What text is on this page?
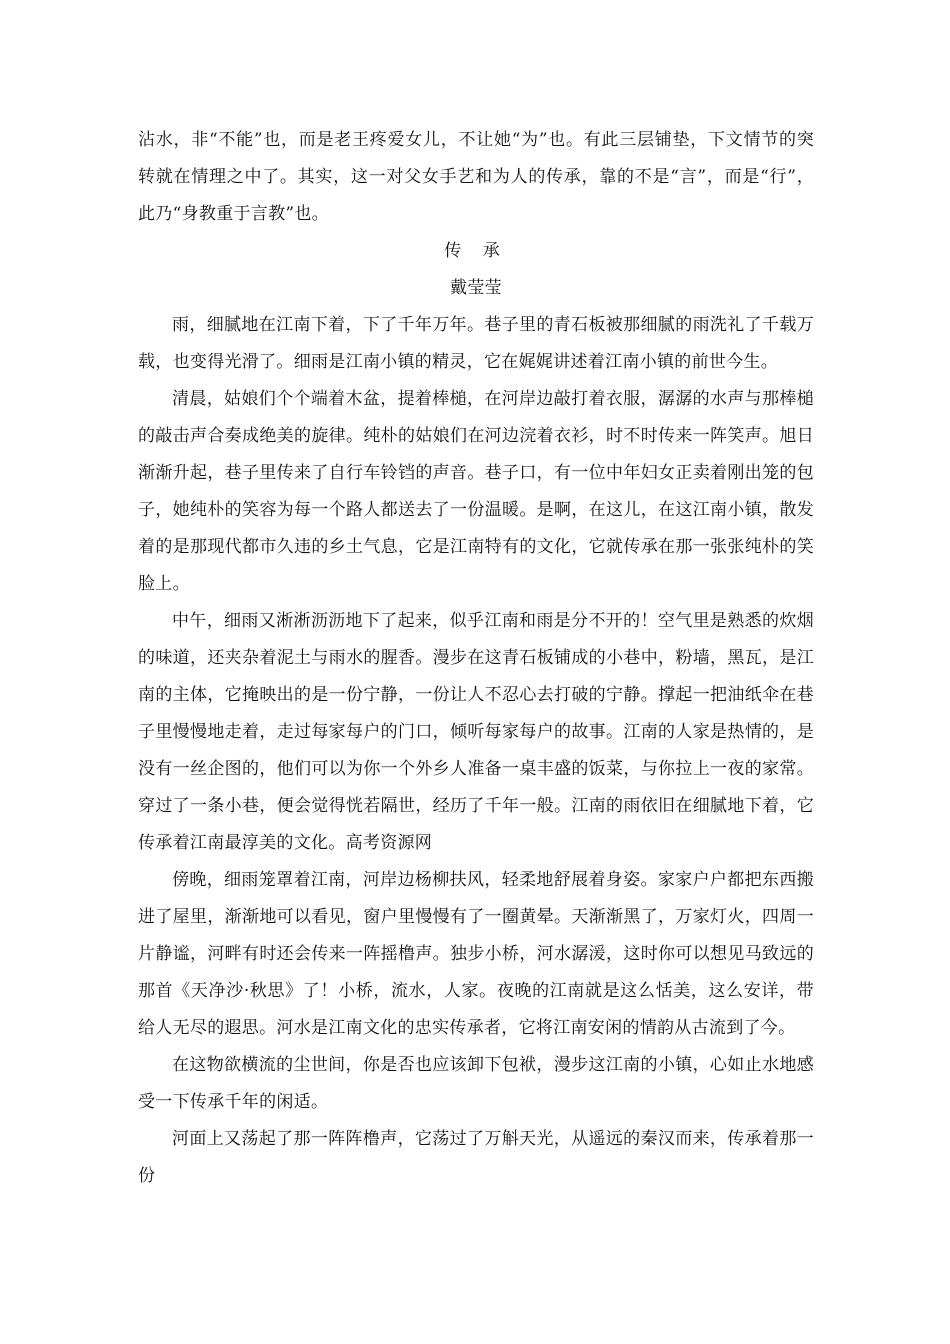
沾水，非“不能”也，而是老王疼爱女儿，不让她“为”也。有此三层铺垫，下文情节的突转就在情理之中了。其实，这一对父女手艺和为人的传承，靠的不是“言”，而是“行”，此乃“身教重于言教”也。

传 承

戴莹莹

雨，细腻地在江南下着，下了千年万年。巷子里的青石板被那细腻的雨洗礼了千载万载，也变得光滑了。细雨是江南小镇的精灵，它在娓娓讲述着江南小镇的前世今生。

清晨，姑娘们个个端着木盆，提着棒槌，在河岸边敲打着衣服，潺潺的水声与那棒槌的敲击声合奏成绝美的旋律。纯朴的姑娘们在河边浣着衣衫，时不时传来一阵笑声。旭日渐渐升起，巷子里传来了自行车铃铛的声音。巷子口，有一位中年妇女正卖着刚出笼的包子，她纯朴的笑容为每一个路人都送去了一份温暖。是啊，在这儿，在这江南小镇，散发着的是那现代都市久违的乡土气息，它是江南特有的文化，它就传承在那一张张纯朴的笑脸上。

中午，细雨又淅淅沥沥地下了起来，似乎江南和雨是分不开的！空气里是熟悉的炊烟的味道，还夹杂着泥土与雨水的腥香。漫步在这青石板铺成的小巷中，粉墙，黑瓦，是江南的主体，它掩映出的是一份宁静，一份让人不忍心去打破的宁静。撑起一把油纸伞在巷子里慢慢地走着，走过每家每户的门口，倾听每家每户的故事。江南的人家是热情的，是没有一丝企图的，他们可以为你一个外乡人准备一桌丰盛的饭菜，与你拉上一夜的家常。穿过了一条小巷，便会觉得恍若隔世，经历了千年一般。江南的雨依旧在细腻地下着，它传承着江南最淳美的文化。高考资源网

傍晚，细雨笼罩着江南，河岸边杨柳扶风，轻柔地舒展着身姿。家家户户都把东西搬进了屋里，渐渐地可以看见，窗户里慢慢有了一圈黄晕。天渐渐黑了，万家灯火，四周一片静谧，河畔有时还会传来一阵摇橹声。独步小桥，河水潺湲，这时你可以想见马致远的那首《天净沙·秋思》了！小桥，流水，人家。夜晚的江南就是这么恬美，这么安详，带给人无尽的遐思。河水是江南文化的忠实传承者，它将江南安闲的情韵从古流到了今。

在这物欲横流的尘世间，你是否也应该卸下包袱，漫步这江南的小镇，心如止水地感受一下传承千年的闲适。

河面上又荡起了那一阵阵橹声，它荡过了万斛天光，从遥远的秦汉而来，传承着那一份
